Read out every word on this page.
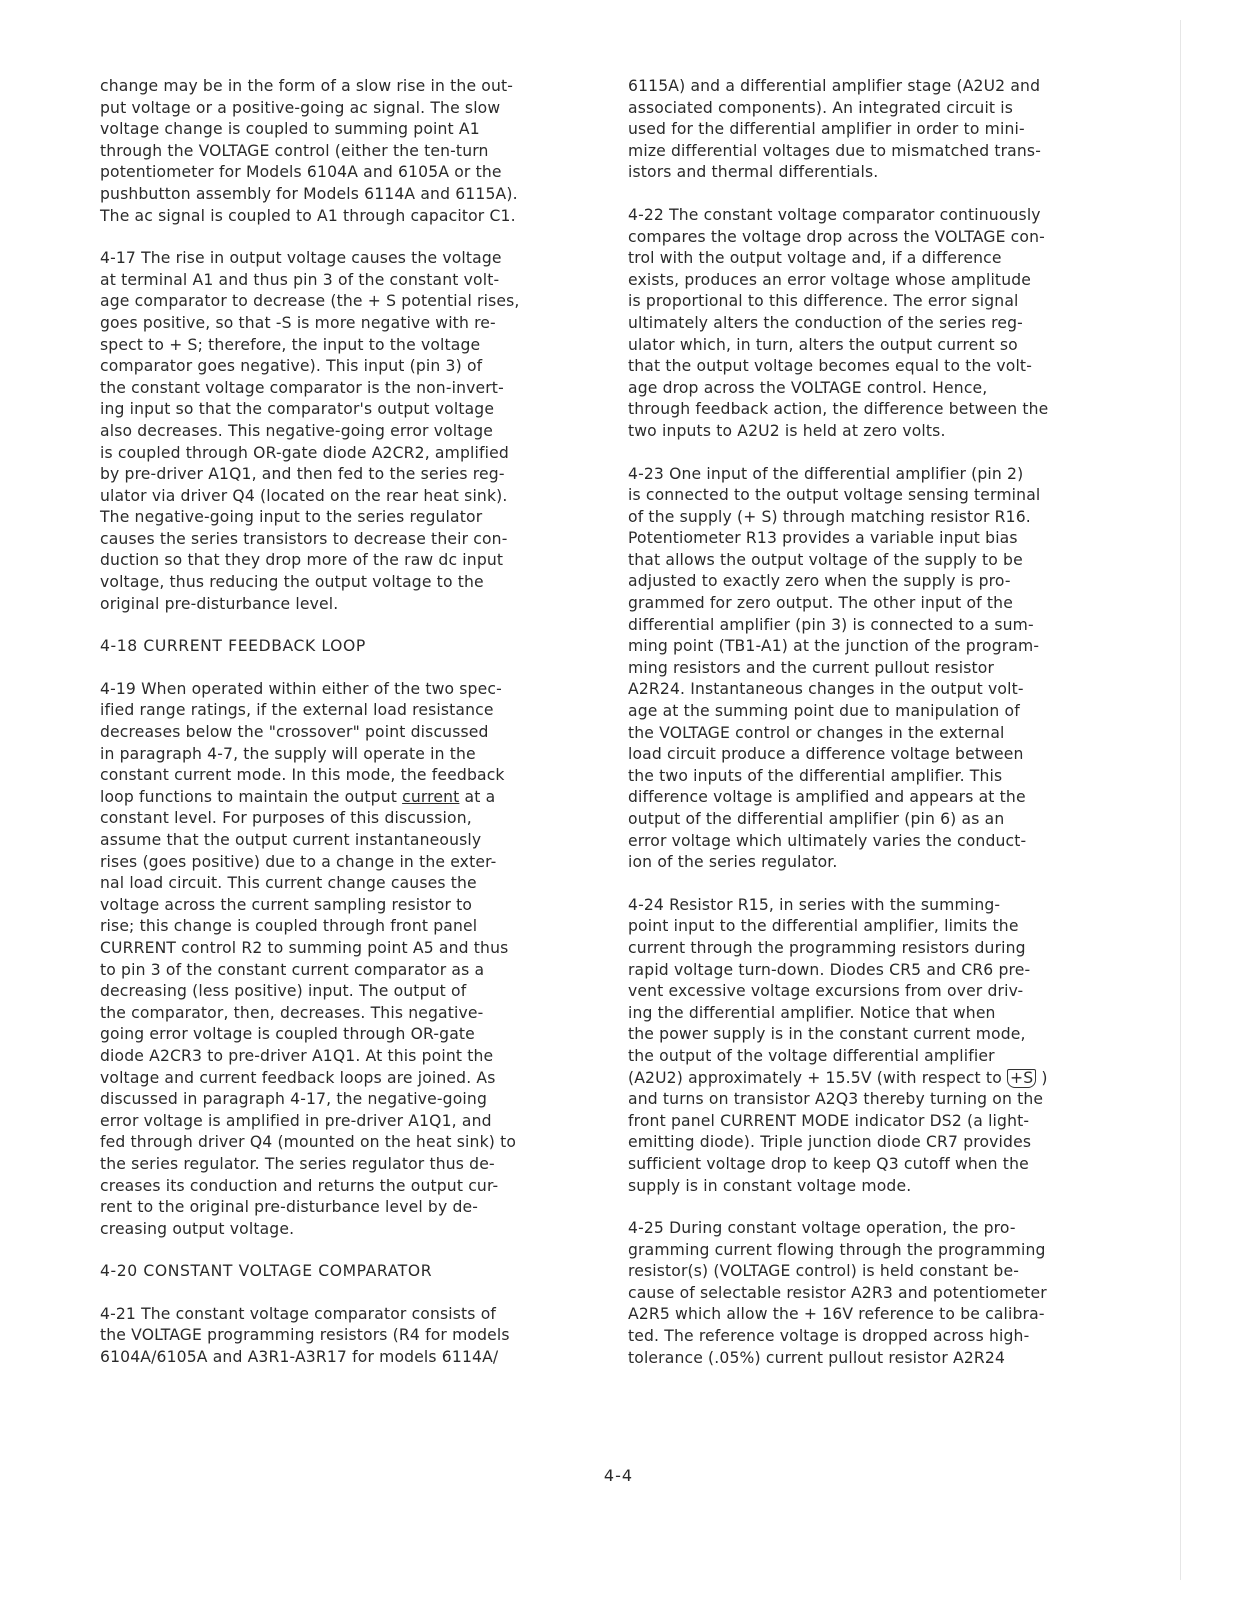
change may be in the form of a slow rise in the out-
put voltage or a positive-going ac signal. The slow
voltage change is coupled to summing point A1
through the VOLTAGE control (either the ten-turn
potentiometer for Models 6104A and 6105A or the
pushbutton assembly for Models 6114A and 6115A).
The ac signal is coupled to A1 through capacitor C1.

4-17 The rise in output voltage causes the voltage
at terminal A1 and thus pin 3 of the constant volt-
age comparator to decrease (the + S potential rises,
goes positive, so that -S is more negative with re-
spect to + S; therefore, the input to the voltage
comparator goes negative). This input (pin 3) of
the constant voltage comparator is the non-invert-
ing input so that the comparator's output voltage
also decreases. This negative-going error voltage
is coupled through OR-gate diode A2CR2, amplified
by pre-driver A1Q1, and then fed to the series reg-
ulator via driver Q4 (located on the rear heat sink).
The negative-going input to the series regulator
causes the series transistors to decrease their con-
duction so that they drop more of the raw dc input
voltage, thus reducing the output voltage to the
original pre-disturbance level.

4-18 CURRENT FEEDBACK LOOP

4-19 When operated within either of the two spec-
ified range ratings, if the external load resistance
decreases below the "crossover" point discussed
in paragraph 4-7, the supply will operate in the
constant current mode. In this mode, the feedback
loop functions to maintain the output current at a
constant level. For purposes of this discussion,
assume that the output current instantaneously
rises (goes positive) due to a change in the exter-
nal load circuit. This current change causes the
voltage across the current sampling resistor to
rise; this change is coupled through front panel
CURRENT control R2 to summing point A5 and thus
to pin 3 of the constant current comparator as a
decreasing (less positive) input. The output of
the comparator, then, decreases. This negative-
going error voltage is coupled through OR-gate
diode A2CR3 to pre-driver A1Q1. At this point the
voltage and current feedback loops are joined. As
discussed in paragraph 4-17, the negative-going
error voltage is amplified in pre-driver A1Q1, and
fed through driver Q4 (mounted on the heat sink) to
the series regulator. The series regulator thus de-
creases its conduction and returns the output cur-
rent to the original pre-disturbance level by de-
creasing output voltage.

4-20 CONSTANT VOLTAGE COMPARATOR

4-21 The constant voltage comparator consists of
the VOLTAGE programming resistors (R4 for models
6104A/6105A and A3R1-A3R17 for models 6114A/

6115A) and a differential amplifier stage (A2U2 and
associated components). An integrated circuit is
used for the differential amplifier in order to mini-
mize differential voltages due to mismatched trans-
istors and thermal differentials.

4-22 The constant voltage comparator continuously
compares the voltage drop across the VOLTAGE con-
trol with the output voltage and, if a difference
exists, produces an error voltage whose amplitude
is proportional to this difference. The error signal
ultimately alters the conduction of the series reg-
ulator which, in turn, alters the output current so
that the output voltage becomes equal to the volt-
age drop across the VOLTAGE control. Hence,
through feedback action, the difference between the
two inputs to A2U2 is held at zero volts.

4-23 One input of the differential amplifier (pin 2)
is connected to the output voltage sensing terminal
of the supply (+ S) through matching resistor R16.
Potentiometer R13 provides a variable input bias
that allows the output voltage of the supply to be
adjusted to exactly zero when the supply is pro-
grammed for zero output. The other input of the
differential amplifier (pin 3) is connected to a sum-
ming point (TB1-A1) at the junction of the program-
ming resistors and the current pullout resistor
A2R24. Instantaneous changes in the output volt-
age at the summing point due to manipulation of
the VOLTAGE control or changes in the external
load circuit produce a difference voltage between
the two inputs of the differential amplifier. This
difference voltage is amplified and appears at the
output of the differential amplifier (pin 6) as an
error voltage which ultimately varies the conduct-
ion of the series regulator.

4-24 Resistor R15, in series with the summing-
point input to the differential amplifier, limits the
current through the programming resistors during
rapid voltage turn-down. Diodes CR5 and CR6 pre-
vent excessive voltage excursions from over driv-
ing the differential amplifier. Notice that when
the power supply is in the constant current mode,
the output of the voltage differential amplifier
(A2U2) approximately + 15.5V (with respect to +S )
and turns on transistor A2Q3 thereby turning on the
front panel CURRENT MODE indicator DS2 (a light-
emitting diode). Triple junction diode CR7 provides
sufficient voltage drop to keep Q3 cutoff when the
supply is in constant voltage mode.

4-25 During constant voltage operation, the pro-
gramming current flowing through the programming
resistor(s) (VOLTAGE control) is held constant be-
cause of selectable resistor A2R3 and potentiometer
A2R5 which allow the + 16V reference to be calibra-
ted. The reference voltage is dropped across high-
tolerance (.05%) current pullout resistor A2R24

4-4
